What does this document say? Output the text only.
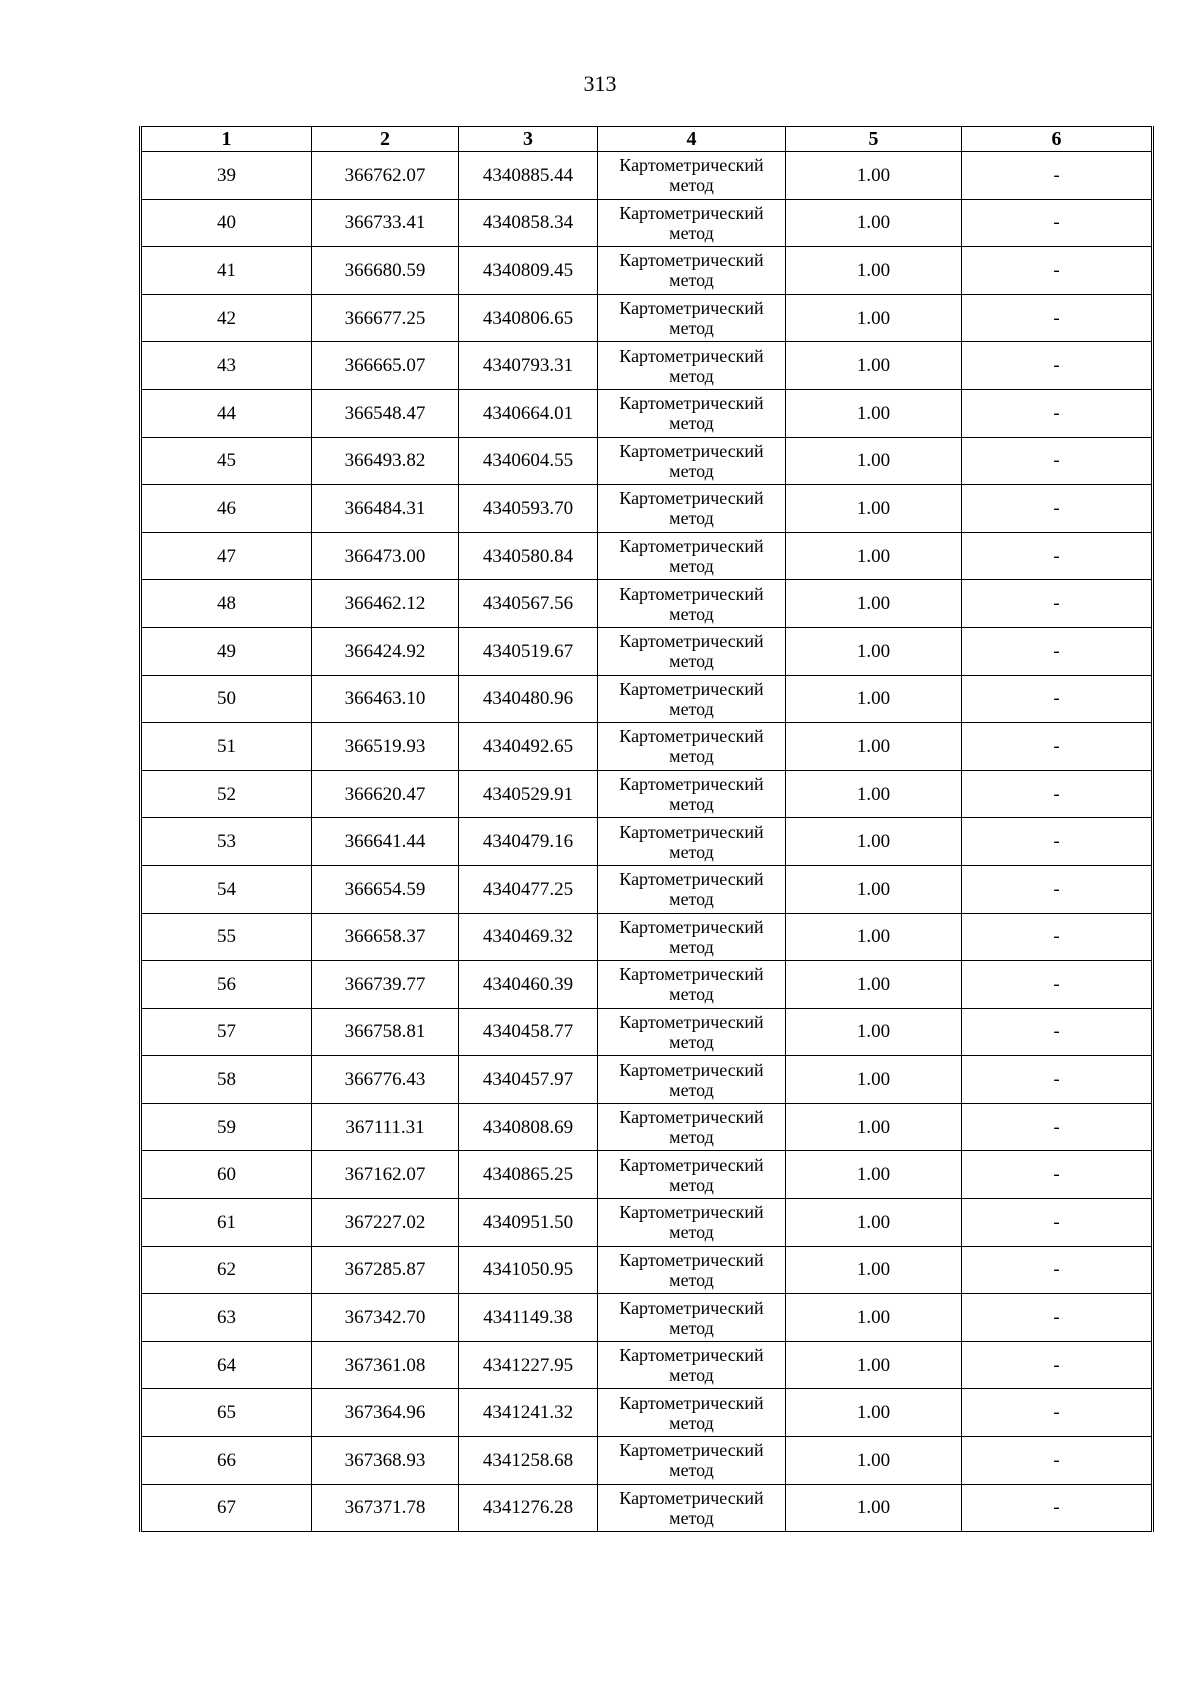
313
1	2	3	4	5	6
39	366762.07	4340885.44	Картометрический метод	1.00	-
40	366733.41	4340858.34	Картометрический метод	1.00	-
41	366680.59	4340809.45	Картометрический метод	1.00	-
42	366677.25	4340806.65	Картометрический метод	1.00	-
43	366665.07	4340793.31	Картометрический метод	1.00	-
44	366548.47	4340664.01	Картометрический метод	1.00	-
45	366493.82	4340604.55	Картометрический метод	1.00	-
46	366484.31	4340593.70	Картометрический метод	1.00	-
47	366473.00	4340580.84	Картометрический метод	1.00	-
48	366462.12	4340567.56	Картометрический метод	1.00	-
49	366424.92	4340519.67	Картометрический метод	1.00	-
50	366463.10	4340480.96	Картометрический метод	1.00	-
51	366519.93	4340492.65	Картометрический метод	1.00	-
52	366620.47	4340529.91	Картометрический метод	1.00	-
53	366641.44	4340479.16	Картометрический метод	1.00	-
54	366654.59	4340477.25	Картометрический метод	1.00	-
55	366658.37	4340469.32	Картометрический метод	1.00	-
56	366739.77	4340460.39	Картометрический метод	1.00	-
57	366758.81	4340458.77	Картометрический метод	1.00	-
58	366776.43	4340457.97	Картометрический метод	1.00	-
59	367111.31	4340808.69	Картометрический метод	1.00	-
60	367162.07	4340865.25	Картометрический метод	1.00	-
61	367227.02	4340951.50	Картометрический метод	1.00	-
62	367285.87	4341050.95	Картометрический метод	1.00	-
63	367342.70	4341149.38	Картометрический метод	1.00	-
64	367361.08	4341227.95	Картометрический метод	1.00	-
65	367364.96	4341241.32	Картометрический метод	1.00	-
66	367368.93	4341258.68	Картометрический метод	1.00	-
67	367371.78	4341276.28	Картометрический метод	1.00	-
